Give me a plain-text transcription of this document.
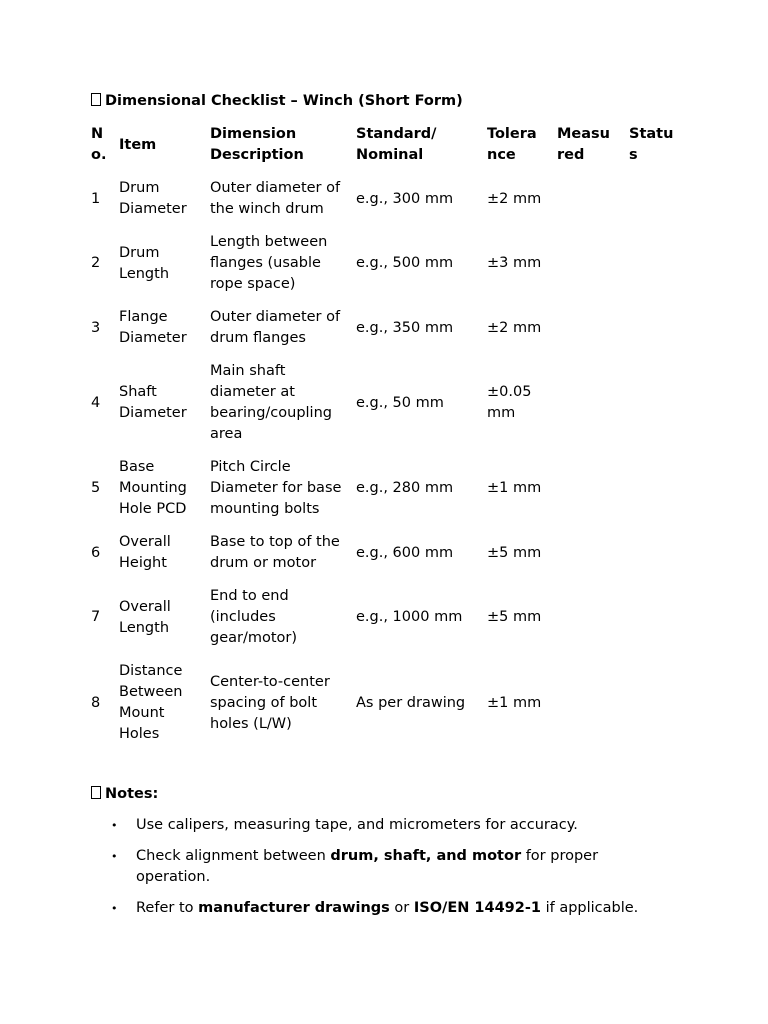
Dimensional Checklist – Winch (Short Form)
No.	Item	Dimension Description	Standard/ Nominal	Tolerance	Measured	Status
1	Drum Diameter	Outer diameter of the winch drum	e.g., 300 mm	±2 mm		
2	Drum Length	Length between flanges (usable rope space)	e.g., 500 mm	±3 mm		
3	Flange Diameter	Outer diameter of drum flanges	e.g., 350 mm	±2 mm		
4	Shaft Diameter	Main shaft diameter at bearing/coupling area	e.g., 50 mm	±0.05 mm		
5	Base Mounting Hole PCD	Pitch Circle Diameter for base mounting bolts	e.g., 280 mm	±1 mm		
6	Overall Height	Base to top of the drum or motor	e.g., 600 mm	±5 mm		
7	Overall Length	End to end (includes gear/motor)	e.g., 1000 mm	±5 mm		
8	Distance Between Mount Holes	Center-to-center spacing of bolt holes (L/W)	As per drawing	±1 mm		
Notes:
• Use calipers, measuring tape, and micrometers for accuracy.
• Check alignment between drum, shaft, and motor for proper operation.
• Refer to manufacturer drawings or ISO/EN 14492-1 if applicable.
